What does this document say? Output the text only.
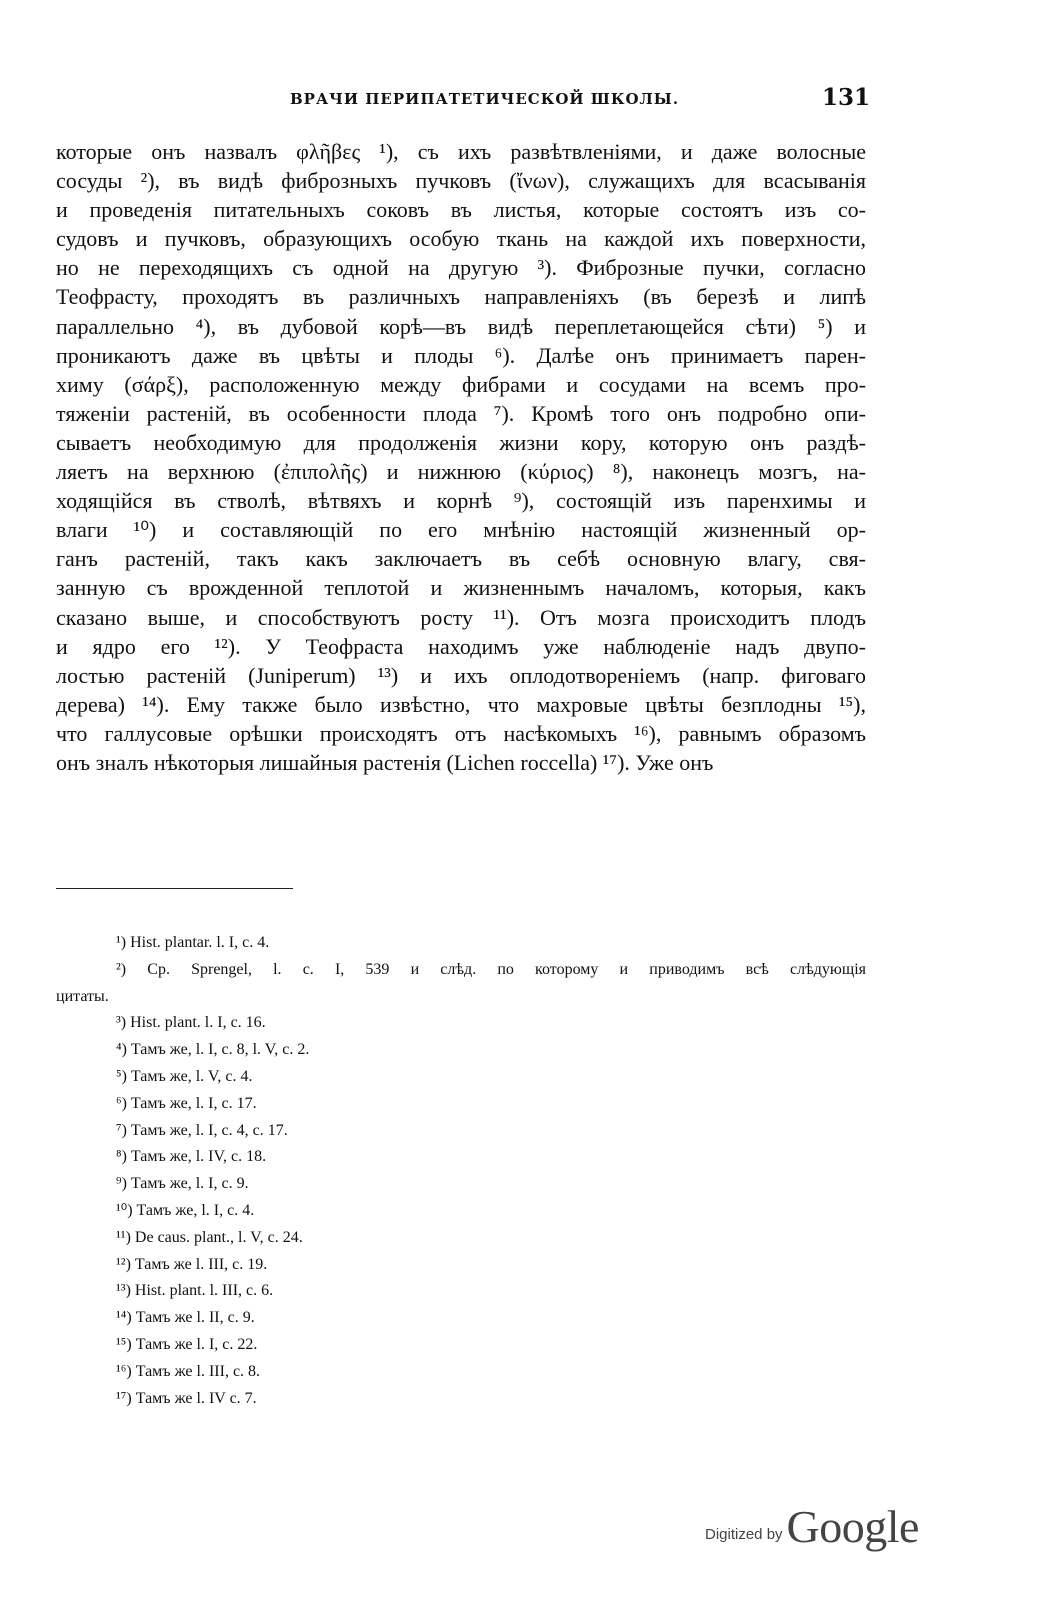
ВРАЧИ ПЕРИПАТЕТИЧЕСКОЙ ШКОЛЫ.	131
которые онъ назвалъ φλῆβες ¹), съ ихъ развѣтвленіями, и даже волосные
сосуды ²), въ видѣ фиброзныхъ пучковъ (ἴνων), служащихъ для всасыванія
и проведенія питательныхъ соковъ въ листья, которые состоятъ изъ со-
судовъ и пучковъ, образующихъ особую ткань на каждой ихъ поверхности,
но не переходящихъ съ одной на другую ³). Фиброзные пучки, согласно
Теофрасту, проходятъ въ различныхъ направленіяхъ (въ березѣ и липѣ
параллельно ⁴), въ дубовой корѣ—въ видѣ переплетающейся сѣти) ⁵) и
проникаютъ даже въ цвѣты и плоды ⁶). Далѣе онъ принимаетъ парен-
химу (σάρξ), расположенную между фибрами и сосудами на всемъ про-
тяженіи растеній, въ особенности плода ⁷). Кромѣ того онъ подробно опи-
сываетъ необходимую для продолженія жизни кору, которую онъ раздѣ-
ляетъ на верхнюю (ἐπιπολῆς) и нижнюю (κύριος) ⁸), наконецъ мозгъ, на-
ходящійся въ стволѣ, вѣтвяхъ и корнѣ ⁹), состоящій изъ паренхимы и
влаги ¹⁰) и составляющій по его мнѣнію настоящій жизненный ор-
ганъ растеній, такъ какъ заключаетъ въ себѣ основную влагу, свя-
занную съ врожденной теплотой и жизненнымъ началомъ, которыя, какъ
сказано выше, и способствуютъ росту ¹¹). Отъ мозга происходитъ плодъ
и ядро его ¹²). У Теофраста находимъ уже наблюденіе надъ двупо-
лостью растеній (Juniperum) ¹³) и ихъ оплодотвореніемъ (напр. фиговаго
дерева) ¹⁴). Ему также было извѣстно, что махровые цвѣты безплодны ¹⁵),
что галлусовые орѣшки происходятъ отъ насѣкомыхъ ¹⁶), равнымъ образомъ
онъ зналъ нѣкоторыя лишайныя растенія (Lichen roccella) ¹⁷). Уже онъ
¹) Hist. plantar. l. I, c. 4.
²) Cp. Sprengel, l. c. I, 539 и слѣд. по которому и приводимъ всѣ слѣдующія
цитаты.
³) Hist. plant. l. I, c. 16.
⁴) Тамъ же, l. I, c. 8, l. V, c. 2.
⁵) Тамъ же, l. V, c. 4.
⁶) Тамъ же, l. I, c. 17.
⁷) Тамъ же, l. I, c. 4, c. 17.
⁸) Тамъ же, l. IV, c. 18.
⁹) Тамъ же, l. I, c. 9.
¹⁰) Тамъ же, l. I, c. 4.
¹¹) De caus. plant., l. V, c. 24.
¹²) Тамъ же l. III, c. 19.
¹³) Hist. plant. l. III, c. 6.
¹⁴) Тамъ же l. II, c. 9.
¹⁵) Тамъ же l. I, c. 22.
¹⁶) Тамъ же l. III, c. 8.
¹⁷) Тамъ же l. IV c. 7.
Digitized by Google
